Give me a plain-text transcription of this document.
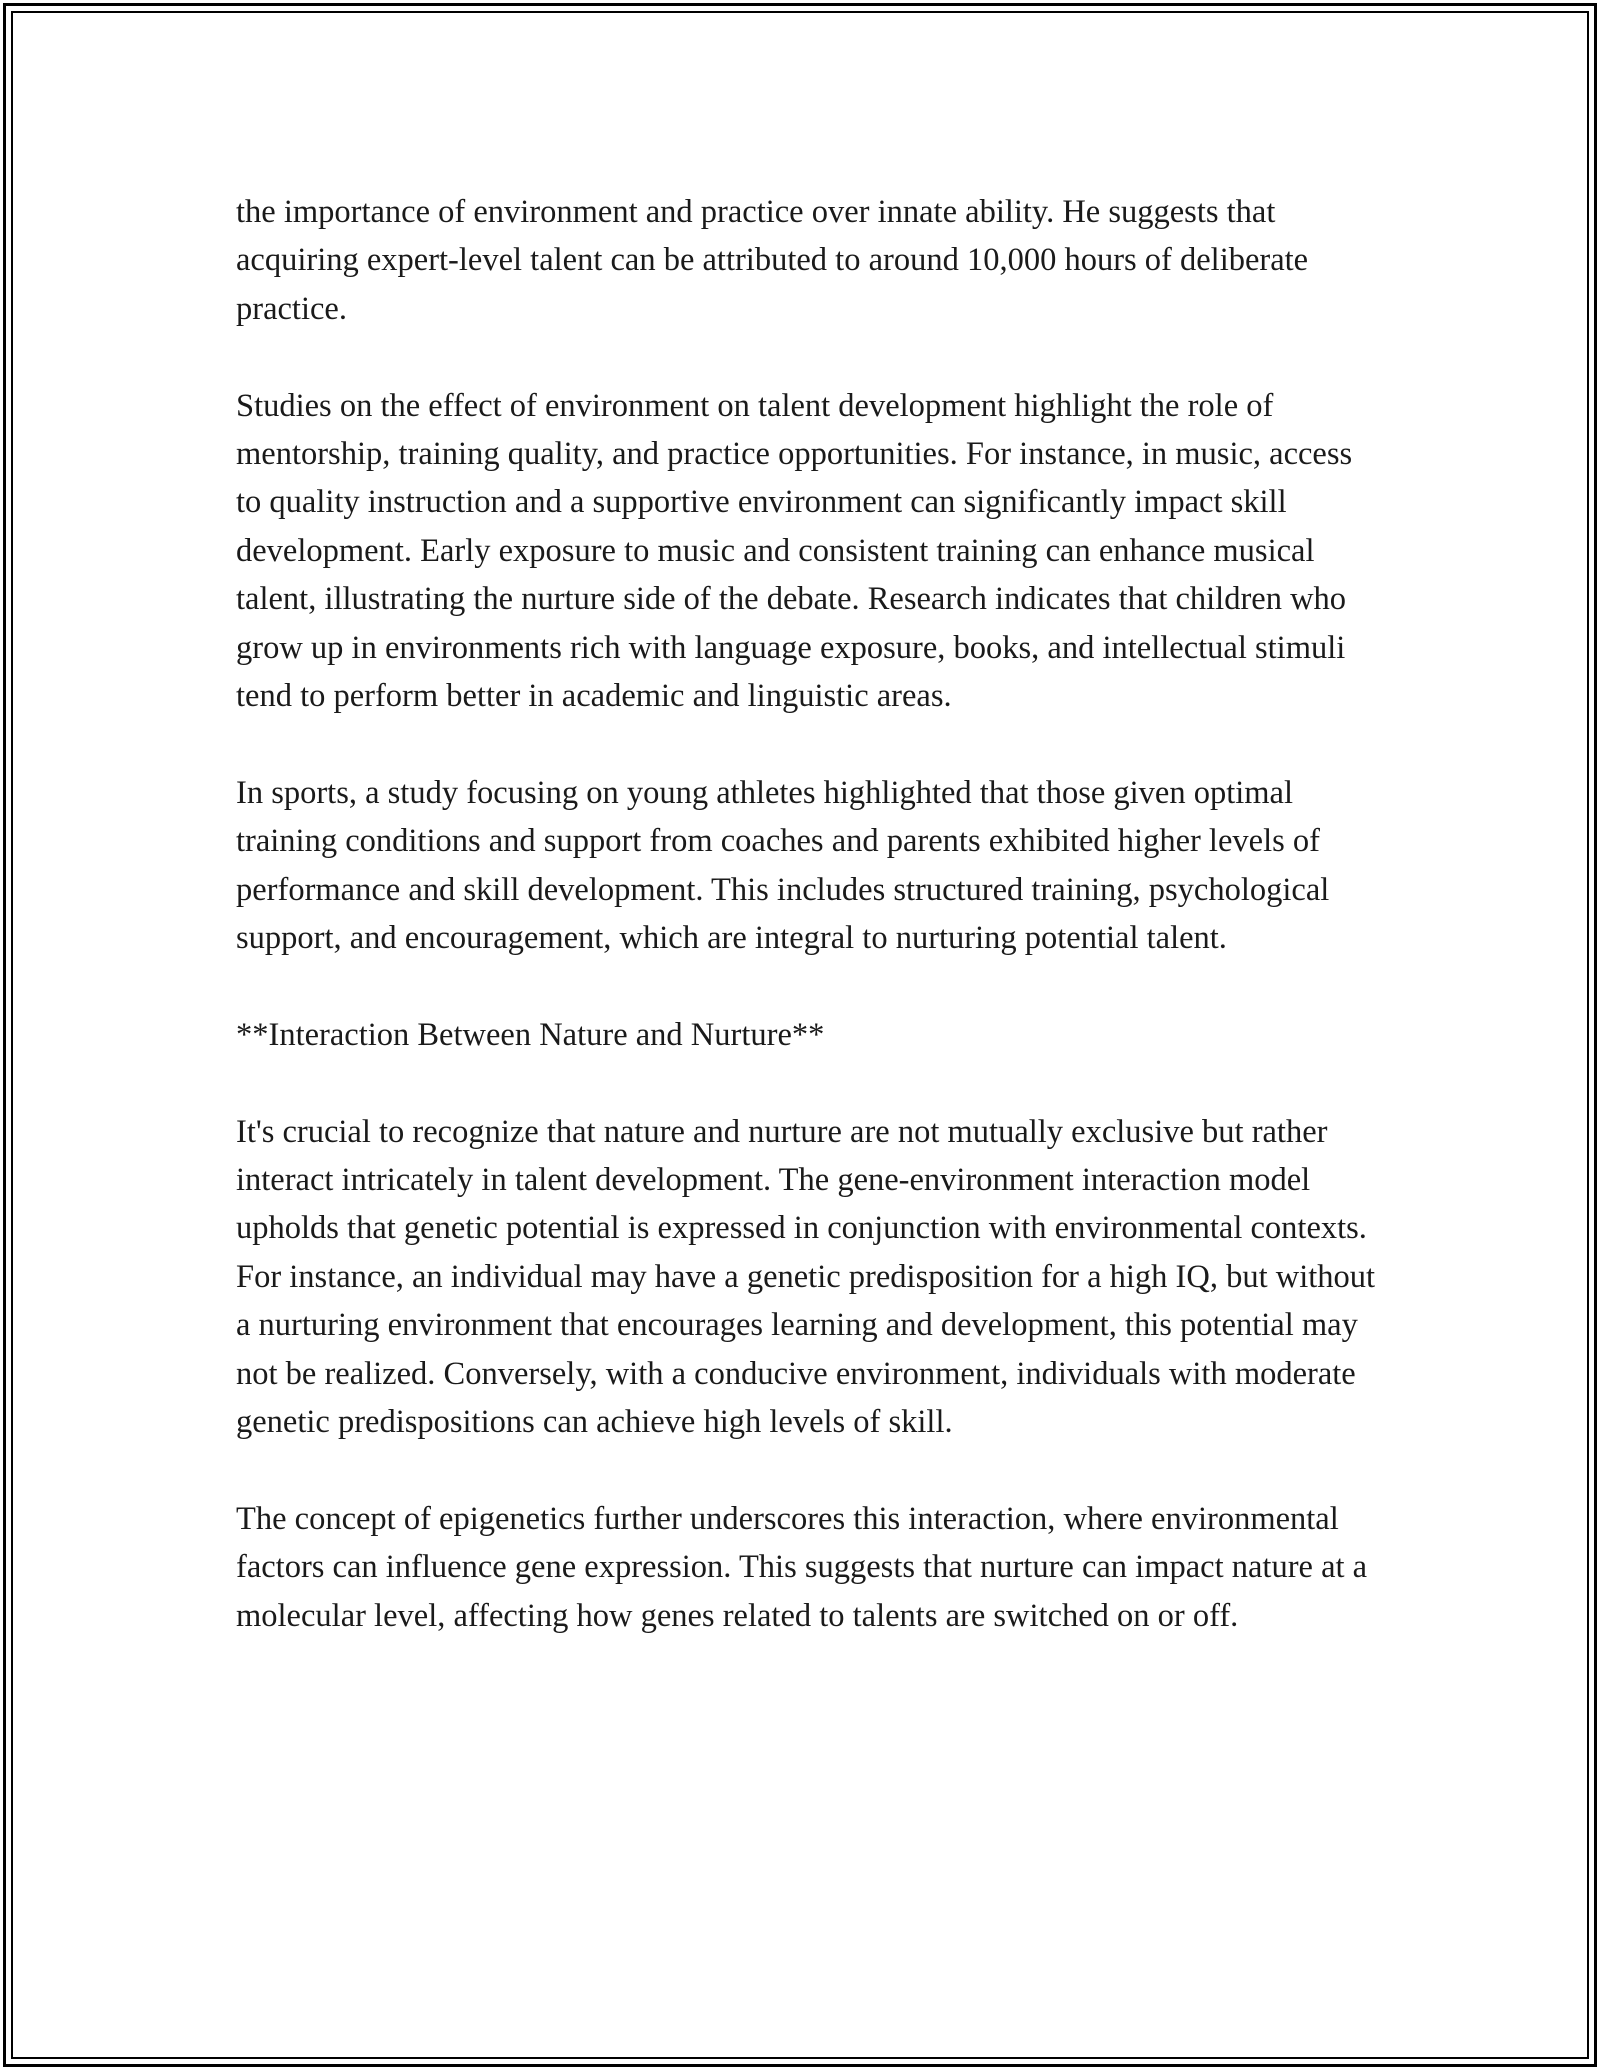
the importance of environment and practice over innate ability. He suggests that acquiring expert-level talent can be attributed to around 10,000 hours of deliberate practice.

Studies on the effect of environment on talent development highlight the role of mentorship, training quality, and practice opportunities. For instance, in music, access to quality instruction and a supportive environment can significantly impact skill development. Early exposure to music and consistent training can enhance musical talent, illustrating the nurture side of the debate. Research indicates that children who grow up in environments rich with language exposure, books, and intellectual stimuli tend to perform better in academic and linguistic areas.

In sports, a study focusing on young athletes highlighted that those given optimal training conditions and support from coaches and parents exhibited higher levels of performance and skill development. This includes structured training, psychological support, and encouragement, which are integral to nurturing potential talent.

**Interaction Between Nature and Nurture**

It's crucial to recognize that nature and nurture are not mutually exclusive but rather interact intricately in talent development. The gene-environment interaction model upholds that genetic potential is expressed in conjunction with environmental contexts. For instance, an individual may have a genetic predisposition for a high IQ, but without a nurturing environment that encourages learning and development, this potential may not be realized. Conversely, with a conducive environment, individuals with moderate genetic predispositions can achieve high levels of skill.

The concept of epigenetics further underscores this interaction, where environmental factors can influence gene expression. This suggests that nurture can impact nature at a molecular level, affecting how genes related to talents are switched on or off.
